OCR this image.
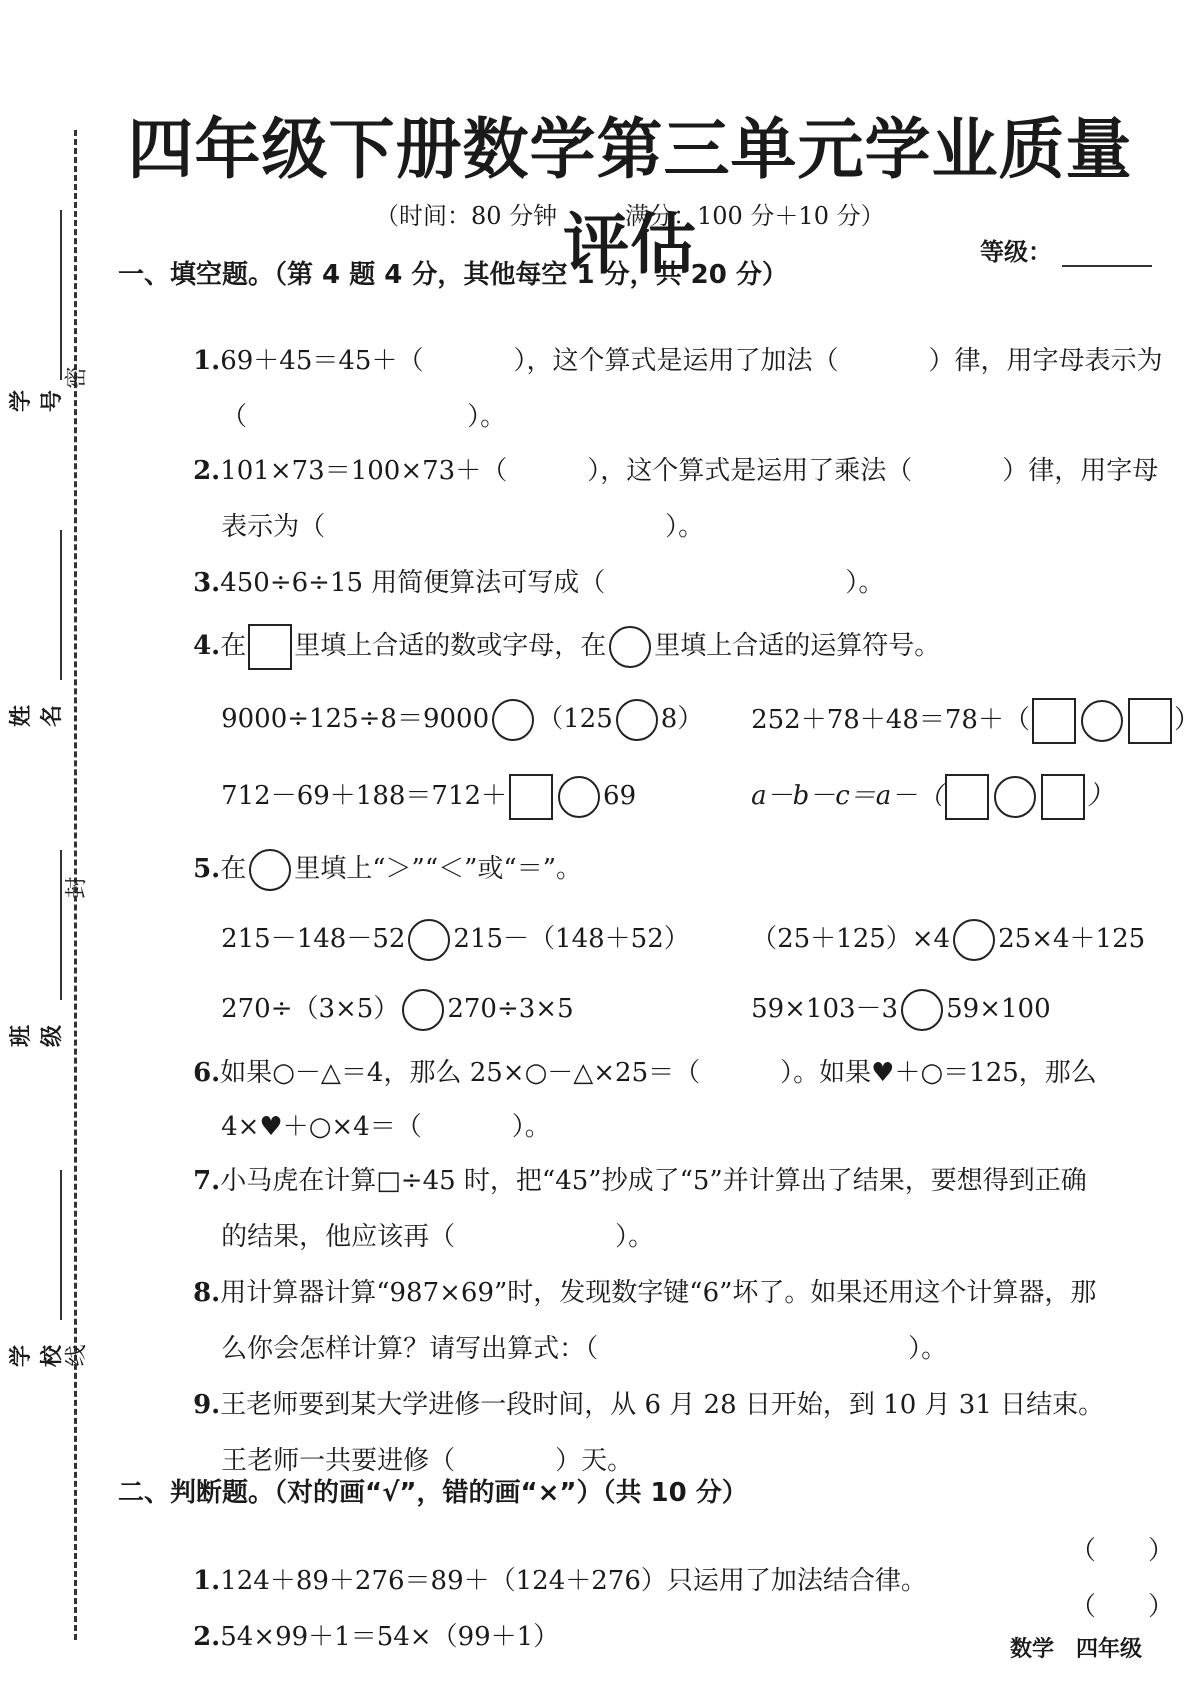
学号
姓名
班级
学校
密
封
线
四年级下册数学第三单元学业质量评估
（时间：80 分钟	满分：100 分＋10 分）
等级：
一、填空题。（第 4 题 4 分，其他每空 1 分，共 20 分）

1.69＋45＝45＋（	），这个算式是运用了加法（	）律，用字母表示为

（	）。

2.101×73＝100×73＋（	），这个算式是运用了乘法（	）律，用字母

表示为（	）。

3.450÷6÷15 用简便算法可写成（	）。

4.在 里填上合适的数或字母，在 里填上合适的运算符号。

9000÷125÷8＝9000 （125 8）
	252＋78＋48＝78＋（	）

712－69＋188＝712＋	69
	a－b－c＝a－（	）

5.在 里填上“＞”“＜”或“＝”。

215－148－52 215－（148＋52）
	（25＋125）×4 25×4＋125

270÷（3×5） 270÷3×5
	59×103－3 59×100

6.如果○－△＝4，那么 25×○－△×25＝（	）。如果♥＋○＝125，那么

4×♥＋○×4＝（	）。

7.小马虎在计算□÷45 时，把“45”抄成了“5”并计算出了结果，要想得到正确

的结果，他应该再（	）。

8.用计算器计算“987×69”时，发现数字键“6”坏了。如果还用这个计算器，那

么你会怎样计算？请写出算式：（	）。

9.王老师要到某大学进修一段时间，从 6 月 28 日开始，到 10 月 31 日结束。

王老师一共要进修（	）天。

二、判断题。（对的画“√”，错的画“×”）（共 10 分）

1.124＋89＋276＝89＋（124＋276）只运用了加法结合律。

（　　）

2.54×99＋1＝54×（99＋1）

（　　）
数学　四年级
